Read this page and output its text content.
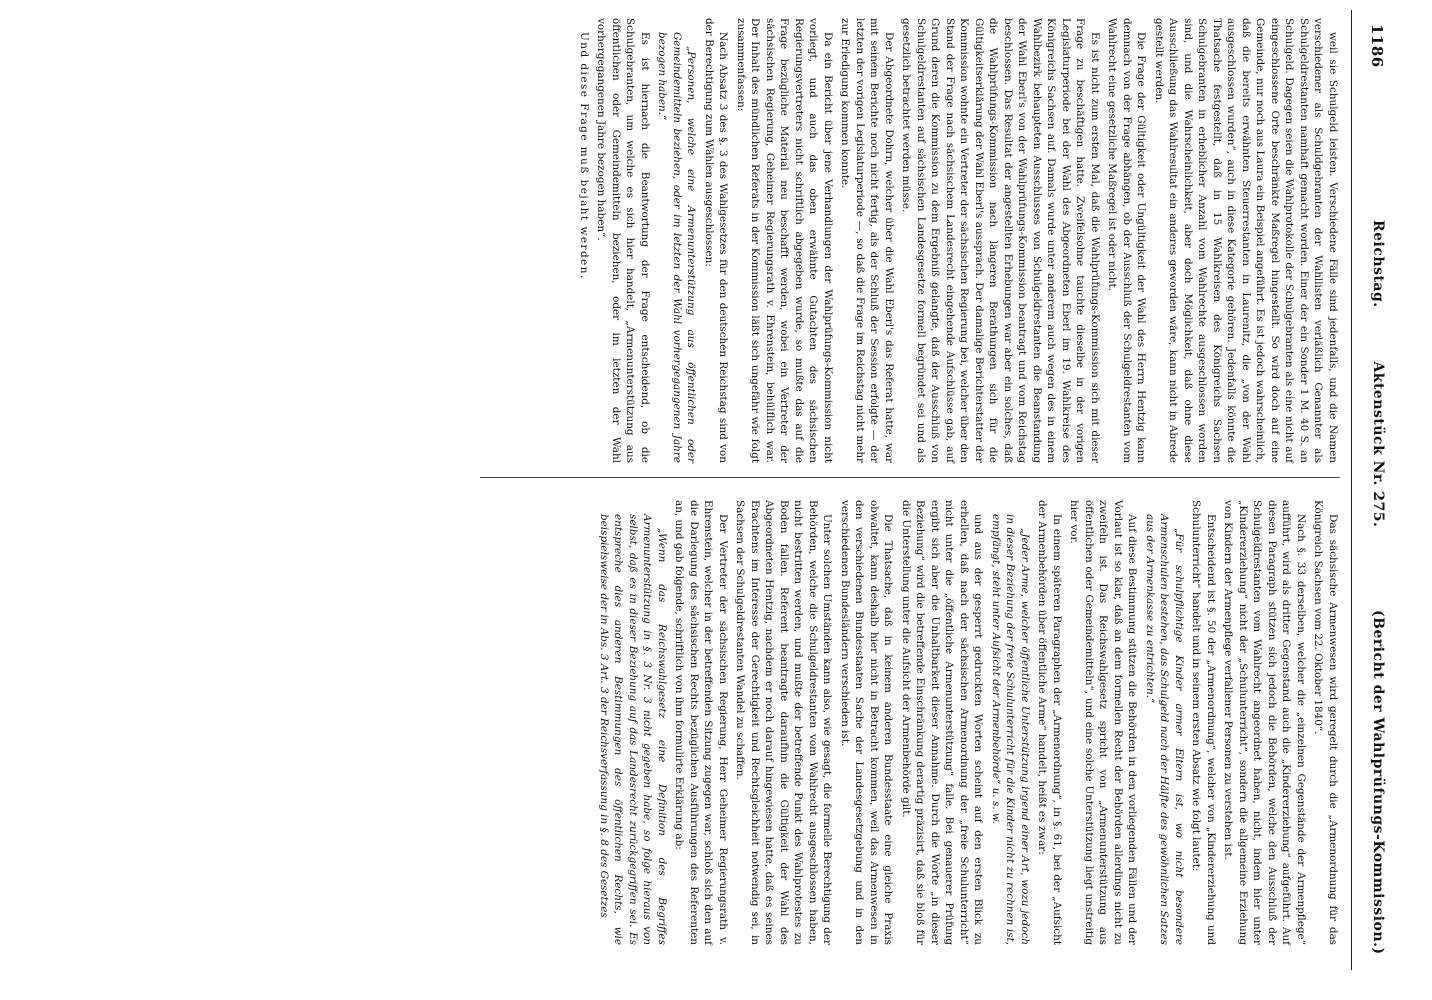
1186
Reichstag.          Aktenstück Nr. 275.
(Bericht der Wahlprüfungs-Kommission.)

weil sie Schulgeld leisten. Verschiedene Fälle sind jedenfalls, und die Namen verschiedener als Schuldgebranten der Wahllisten verläßlich Genannter als Schulgeldrestanten namhaft gemacht worden. Einer der ein Sonder 1 M. 40 S. an Schulgeld. Dagegen seien die Wahlprotokolle der Schulgebranten als eine nicht auf eingeschlossene Orte beschränkte Maßregel hingestellt. So wird doch auf eine Gemeinde, nur noch aus Laura ein Beispiel angeführt. Es ist jedoch wahrscheinlich, daß die bereits erwähnten Steuerrestanten in Laurenitz, die „von der Wahl ausgeschlossen wurden“, auch in diese Kategorie gehören. Jedenfalls könnte die Thatsache festgestellt, daß in 15 Wahlkreisen des Königreichs Sachsen Schulgebranten in erheblicher Anzahl vom Wahlrechte ausgeschlossen worden sind, und die Wahrscheinlichkeit, aber doch Möglichkeit, daß ohne diese Ausschließung das Wahlresultat ein anderes geworden wäre, kann nicht in Abrede gestellt werden.

Die Frage der Gültigkeit oder Ungültigkeit der Wahl des Herrn Hentzig kann demnach von der Frage abhängen, ob der Ausschluß der Schulgeldrestanten vom Wahlrecht eine gesetzliche Maßregel ist oder nicht.

Es ist nicht zum ersten Mal, daß die Wahlprüfungs-Kommission sich mit dieser Frage zu beschäftigen hatte. Zweifelsohne tauchte dieselbe in der vorigen Legislaturperiode bei der Wahl des Abgeordneten Eberl im 19. Wahlkreise des Königreichs Sachsen auf. Damals wurde unter anderem auch wegen des in einem Wahlbezirk behaupteten Ausschlusses von Schulgeldrestanten die Beanstandung der Wahl Eberl's von der Wahlprüfungs-Kommission beantragt und vom Reichstag beschlossen. Das Resultat der angestellten Erhebungen war aber ein solches, daß die Wahlprüfungs-Kommission nach längeren Berathungen sich für die Gültigkeitserklärung der Wahl Eberl's aussprach. Der damalige Berichterstatter der Kommission wohnte ein Vertreter der sächsischen Regierung bei, welcher über den Stand der Frage nach sächsischem Landesrecht eingehende Aufschlüsse gab, auf Grund deren die Kommission zu dem Ergebniß gelangte, daß der Ausschluß von Schulgeldrestanten auf sächsischen Landesgesetze formell begründet sei und als gesetzlich betrachtet werden müsse.

Der Abgeordnete Dohrn, welcher über die Wahl Eberl's das Referat hatte, war mit seinem Berichte noch nicht fertig, als der Schluß der Session erfolgte — der letzten der vorigen Legislaturperiode —, so daß die Frage im Reichstag nicht mehr zur Erledigung kommen konnte.

Da ein Bericht über jene Verhandlungen der Wahlprüfungs-Kommission nicht vorliegt, und auch das oben erwähnte Gutachten des sächsischen Regierungsvertreters nicht schriftlich abgegeben wurde, so mußte das auf die Frage bezügliche Material neu beschafft werden, wobei ein Vertreter der sächsischen Regierung, Geheimer Regierungsrath v. Ehrenstein, behülflich war. Der Inhalt des mündlichen Referats in der Kommission läßt sich ungefähr wie folgt zusammenfassen:

Nach Absatz 3 des §. 3 des Wahlgesetzes für den deutschen Reichstag sind von der Berechtigung zum Wählen ausgeschlossen:

„Personen, welche eine Armenunterstützung aus öffentlichen oder Gemeindemitteln beziehen, oder im letzten der Wahl vorhergegangenen Jahre bezogen haben.“

Es ist hiernach die Beantwortung der Frage entscheidend, ob die Schulgebranten, um welche es sich hier handelt, „Armenunterstützung aus öffentlichen oder Gemeindemitteln beziehen, oder im letzten der Wahl vorhergegangenen Jahre bezogen haben“.

Und diese Frage muß bejaht werden.

Das sächsische Armenwesen wird geregelt durch die „Armenordnung für das Königreich Sachsen vom 22. Oktober 1840“.

Nach §. 33 derselben, welcher die „einzelnen Gegenstände der Armenpflege“ aufführt, wird als dritter Gegenstand auch die „Kindererziehung“ aufgeführt. Auf diesen Paragraph stützen sich jedoch die Behörden, welche den Ausschluß der Schulgeldrestanten vom Wahlrecht angeordnet haben, nicht, indem hier unter „Kindererziehung“ nicht der „Schulunterricht“, sondern die allgemeine Erziehung von Kindern der Armenpflege verfallener Personen zu verstehen ist.

Entscheidend ist §. 50 der „Armenordnung“, welcher von „Kindererziehung und Schulunterricht“ handelt und in seinem ersten Absatz wie folgt lautet:

„Für schulpflichtige Kinder armer Eltern ist, wo nicht besondere Armenschulen bestehen, das Schulgeld nach der Hälfte des gewöhnlichen Satzes aus der Armenkasse zu entrichten.“

Auf diese Bestimmung stützen die Behörden in den vorliegenden Fällen und der Vorlaut ist so klar, daß an dem formellen Recht der Behörden allerdings nicht zu zweifeln ist. Das Reichswahlgesetz spricht von „Armenunterstützung aus öffentlichen oder Gemeindemitteln“, und eine solche Unterstützung liegt unstreitig hier vor.

In einem späteren Paragraphen der „Armenordnung“, in §. 61, bei der „Aufsicht der Armenbehörden über öffentliche Arme“ handelt, heißt es zwar:

„Jeder Arme, welcher öffentliche Unterstützung irgend einer Art, wozu jedoch in dieser Beziehung der freie Schulunterricht für die Kinder nicht zu rechnen ist, empfängt, steht unter Aufsicht der Armenbehörde“ u. s. w.

und aus der gesperrt gedruckten Worten scheint auf den ersten Blick zu erhellen, daß nach der sächsischen Armenordnung der „freie Schulunterricht“ nicht unter die „öffentliche Armenunterstützung“ falle. Bei genauerer Prüfung ergibt sich aber die Unhaltbarkeit dieser Annahme. Durch die Worte „in dieser Beziehung“ wird die betreffende Einschränkung derartig präzisirt, daß sie bloß für die Unterstellung unter die Aufsicht der Armenbehörde gilt.

Die Thatsache, daß in keinem anderen Bundesstaate eine gleiche Praxis obwaltet, kann deshalb hier nicht in Betracht kommen, weil das Armenwesen in den verschiedenen Bundesstaaten Sache der Landesgesetzgebung und in den verschiedenen Bundesländern verschieden ist.

Unter solchen Umständen kann also, wie gesagt, die formelle Berechtigung der Behörden, welche die Schulgeldrestanten vom Wahlrecht ausgeschlossen haben, nicht bestritten werden, und mußte der betreffende Punkt des Wahlprotestes zu Boden fallen. Referent beantragte daraufhin die Gültigkeit der Wahl des Abgeordneten Hentzig, nachdem er noch darauf hingewiesen hatte, daß es seines Erachtens im Interesse der Gerechtigkeit und Rechtsgleichheit notwendig sei, in Sachsen der Schulgeldrestanten Wandel zu schaffen.

Der Vertreter der sächsischen Regierung, Herr Geheimer Regierungsrath v. Ehrenstein, welcher in der betreffenden Sitzung zugegen war, schloß sich den auf die Darlegung des sächsischen Rechts bezüglichen Ausführungen des Referenten an, und gab folgende, schriftlich von ihm formulirte Erklärung ab:

„Wenn das Reichswahlgesetz eine Definition des Begriffes Armenunterstützung in §. 3 Nr. 3 nicht gegeben habe, so folge hieraus von selbst, daß es in dieser Beziehung auf das Landesrecht zurückgegriffen sei. Es entspreche dies anderen Bestimmungen des öffentlichen Rechts, wie beispielsweise der in Abs. 3 Art. 3 der Reichsverfassung in §. 8 des Gesetzes
